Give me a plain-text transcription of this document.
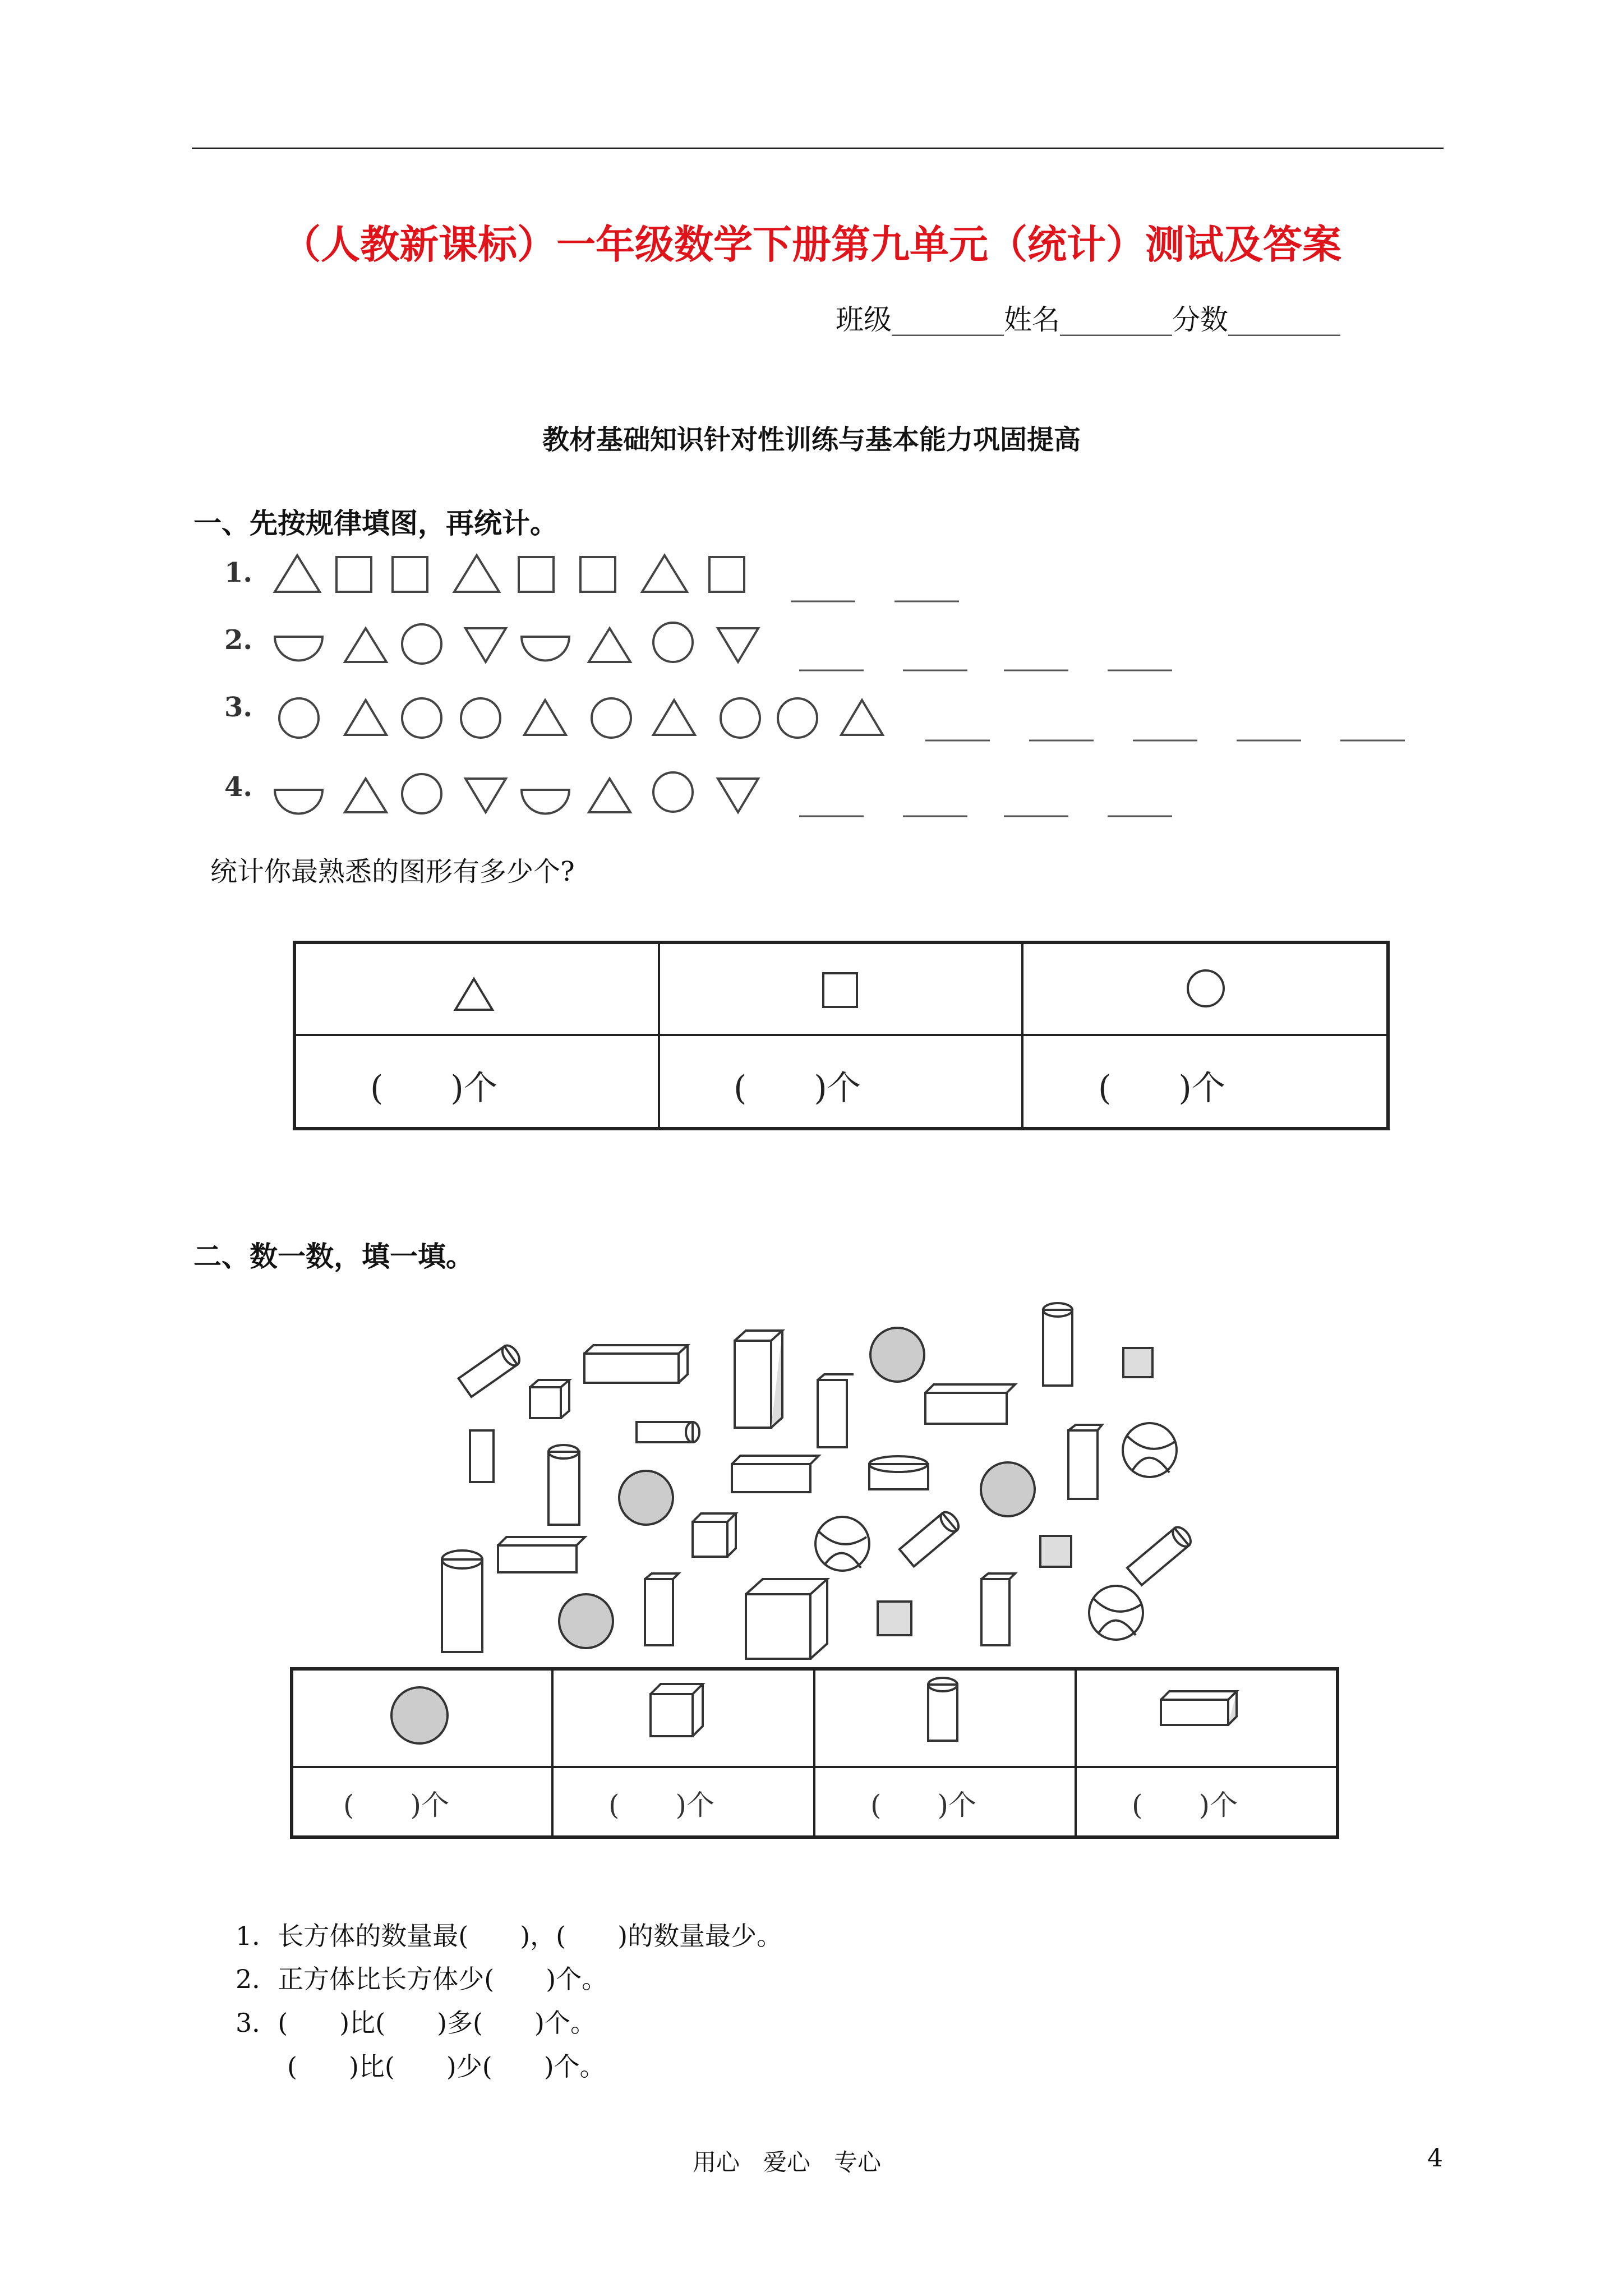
（人教新课标）一年级数学下册第九单元（统计）测试及答案
班级________姓名________分数________
教材基础知识针对性训练与基本能力巩固提高
一、先按规律填图，再统计。
1.
2.
3.
4.
(　　)个	(　　)个	(　　)个
统计你最熟悉的图形有多少个?
二、数一数，填一填。
(　　)个	(　　)个	(　　)个	(　　)个
1．长方体的数量最(　　)，(　　)的数量最少。
2．正方体比长方体少(　　)个。
3．(　　)比(　　)多(　　)个。
　　(　　)比(　　)少(　　)个。
用心　爱心　专心	4
